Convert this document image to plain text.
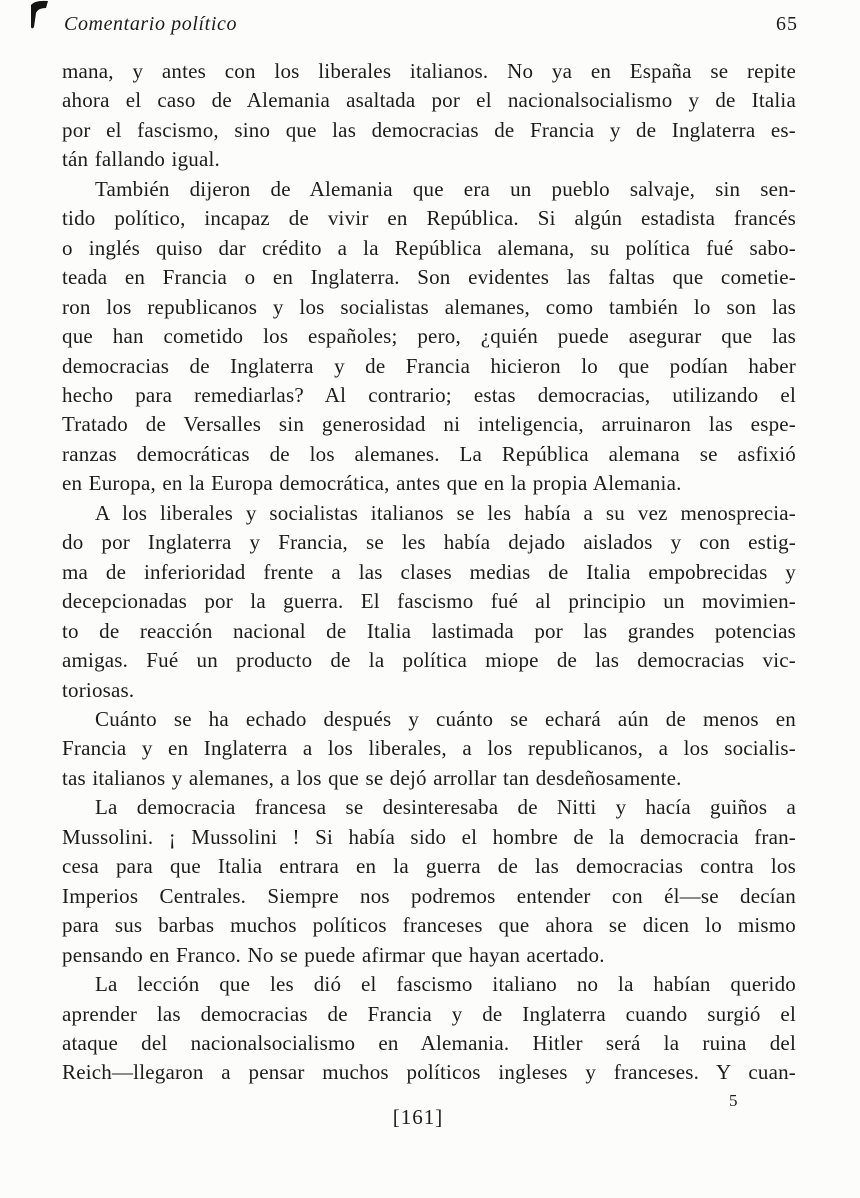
Comentario político	65
mana, y antes con los liberales italianos. No ya en España se repite
ahora el caso de Alemania asaltada por el nacionalsocialismo y de Italia
por el fascismo, sino que las democracias de Francia y de Inglaterra es-
tán fallando igual.
También dijeron de Alemania que era un pueblo salvaje, sin sen-
tido político, incapaz de vivir en República. Si algún estadista francés
o inglés quiso dar crédito a la República alemana, su política fué sabo-
teada en Francia o en Inglaterra. Son evidentes las faltas que cometie-
ron los republicanos y los socialistas alemanes, como también lo son las
que han cometido los españoles; pero, ¿quién puede asegurar que las
democracias de Inglaterra y de Francia hicieron lo que podían haber
hecho para remediarlas? Al contrario; estas democracias, utilizando el
Tratado de Versalles sin generosidad ni inteligencia, arruinaron las espe-
ranzas democráticas de los alemanes. La República alemana se asfixió
en Europa, en la Europa democrática, antes que en la propia Alemania.
A los liberales y socialistas italianos se les había a su vez menosprecia-
do por Inglaterra y Francia, se les había dejado aislados y con estig-
ma de inferioridad frente a las clases medias de Italia empobrecidas y
decepcionadas por la guerra. El fascismo fué al principio un movimien-
to de reacción nacional de Italia lastimada por las grandes potencias
amigas. Fué un producto de la política miope de las democracias vic-
toriosas.
Cuánto se ha echado después y cuánto se echará aún de menos en
Francia y en Inglaterra a los liberales, a los republicanos, a los socialis-
tas italianos y alemanes, a los que se dejó arrollar tan desdeñosamente.
La democracia francesa se desinteresaba de Nitti y hacía guiños a
Mussolini. ¡ Mussolini ! Si había sido el hombre de la democracia fran-
cesa para que Italia entrara en la guerra de las democracias contra los
Imperios Centrales. Siempre nos podremos entender con él—se decían
para sus barbas muchos políticos franceses que ahora se dicen lo mismo
pensando en Franco. No se puede afirmar que hayan acertado.
La lección que les dió el fascismo italiano no la habían querido
aprender las democracias de Francia y de Inglaterra cuando surgió el
ataque del nacionalsocialismo en Alemania. Hitler será la ruina del
Reich—llegaron a pensar muchos políticos ingleses y franceses. Y cuan-
5
[161]
